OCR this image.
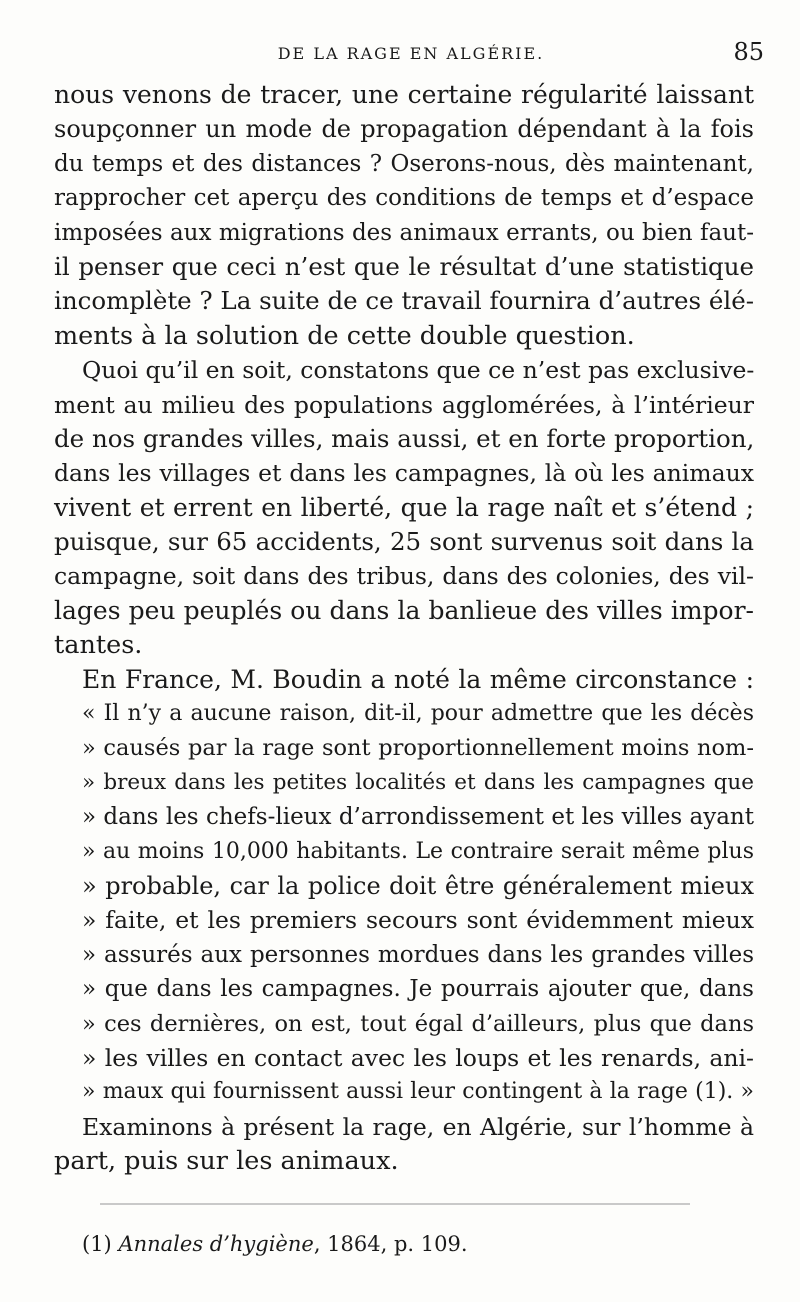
DE LA RAGE EN ALGÉRIE.	85
nous venons de tracer, une certaine régularité laissant
soupçonner un mode de propagation dépendant à la fois
du temps et des distances ? Oserons-nous, dès maintenant,
rapprocher cet aperçu des conditions de temps et d’espace
imposées aux migrations des animaux errants, ou bien faut-
il penser que ceci n’est que le résultat d’une statistique
incomplète ? La suite de ce travail fournira d’autres élé-
ments à la solution de cette double question.
Quoi qu’il en soit, constatons que ce n’est pas exclusive-
ment au milieu des populations agglomérées, à l’intérieur
de nos grandes villes, mais aussi, et en forte proportion,
dans les villages et dans les campagnes, là où les animaux
vivent et errent en liberté, que la rage naît et s’étend ;
puisque, sur 65 accidents, 25 sont survenus soit dans la
campagne, soit dans des tribus, dans des colonies, des vil-
lages peu peuplés ou dans la banlieue des villes impor-
tantes.
En France, M. Boudin a noté la même circonstance :
« Il n’y a aucune raison, dit-il, pour admettre que les décès
» causés par la rage sont proportionnellement moins nom-
» breux dans les petites localités et dans les campagnes que
» dans les chefs-lieux d’arrondissement et les villes ayant
» au moins 10,000 habitants. Le contraire serait même plus
» probable, car la police doit être généralement mieux
» faite, et les premiers secours sont évidemment mieux
» assurés aux personnes mordues dans les grandes villes
» que dans les campagnes. Je pourrais ajouter que, dans
» ces dernières, on est, tout égal d’ailleurs, plus que dans
» les villes en contact avec les loups et les renards, ani-
» maux qui fournissent aussi leur contingent à la rage (1). »
Examinons à présent la rage, en Algérie, sur l’homme à
part, puis sur les animaux.
(1) Annales d’hygiène, 1864, p. 109.
